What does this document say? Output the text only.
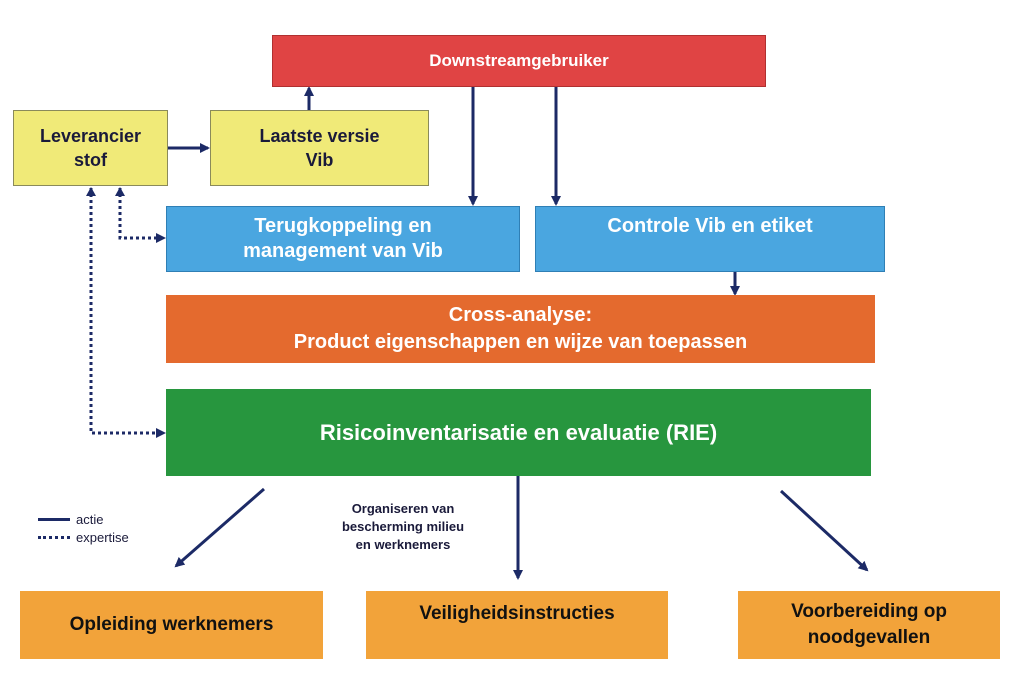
Downstreamgebruiker
Leverancier
stof
Laatste versie
Vib
Terugkoppeling en
management van Vib
Controle Vib en etiket
Cross-analyse:
Product eigenschappen en wijze van toepassen
Risicoinventarisatie en evaluatie (RIE)
Opleiding werknemers
Veiligheidsinstructies	Voorbereiding op
noodgevallen
Organiseren van
bescherming milieu
en werknemers
actie
expertise
